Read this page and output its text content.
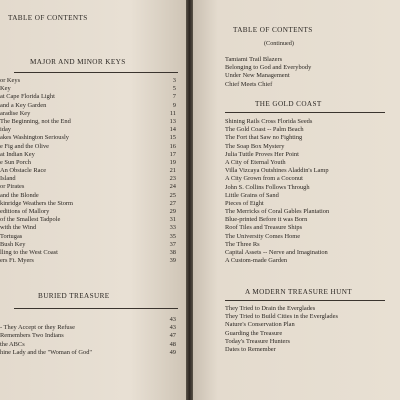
TABLE OF CONTENTS
MAJOR AND MINOR KEYS
or Keys	3
Key	5
at Cape Florida Light	7
and a Key Garden	9
aradise Key	11
The Beginning, not the End	13
iday	14
akes Washington Seriously	15
e Fig and the Olive	16
at Indian Key	17
e Sun Porch	19
An Obstacle Race	21
Island	23
or Pirates	24
and the Blonde	25
kinridge Weathers the Storm	27
editions of Mallory	29
of the Smallest Tadpole	31
with the Wind	33
Tortugas	35
Bush Key	37
lling to the West Coast	38
ers Ft. Myers	39
BURIED TREASURE
43
- They Accept or they Refuse	43
Remembers Two Indians	47
the ABCs	48
hine Lady and the "Woman of God"	49
TABLE OF CONTENTS
(Continued)
Tamiami Trail Blazers
Belonging to God and Everybody
Under New Management
Chief Meets Chief
THE GOLD COAST
Shining Rails Cross Florida Seeds
The Gold Coast -- Palm Beach
The Fort that Saw no Fighting
The Soap Box Mystery
Julia Tuttle Proves Her Point
A City of Eternal Youth
Villa Vizcaya Outshines Aladdin's Lamp
A City Grown from a Coconut
John S. Collins Follows Through
Little Grains of Sand
Pieces of Eight
The Merricks of Coral Gables Plantation
Blue-printed Before it was Born
Roof Tiles and Treasure Ships
The University Comes Home
The Three Rs
Capital Assets -- Nerve and Imagination
A Custom-made Garden
A MODERN TREASURE HUNT
They Tried to Drain the Everglades
They Tried to Build Cities in the Everglades
Nature's Conservation Plan
Guarding the Treasure
Today's Treasure Hunters
Dates to Remember
